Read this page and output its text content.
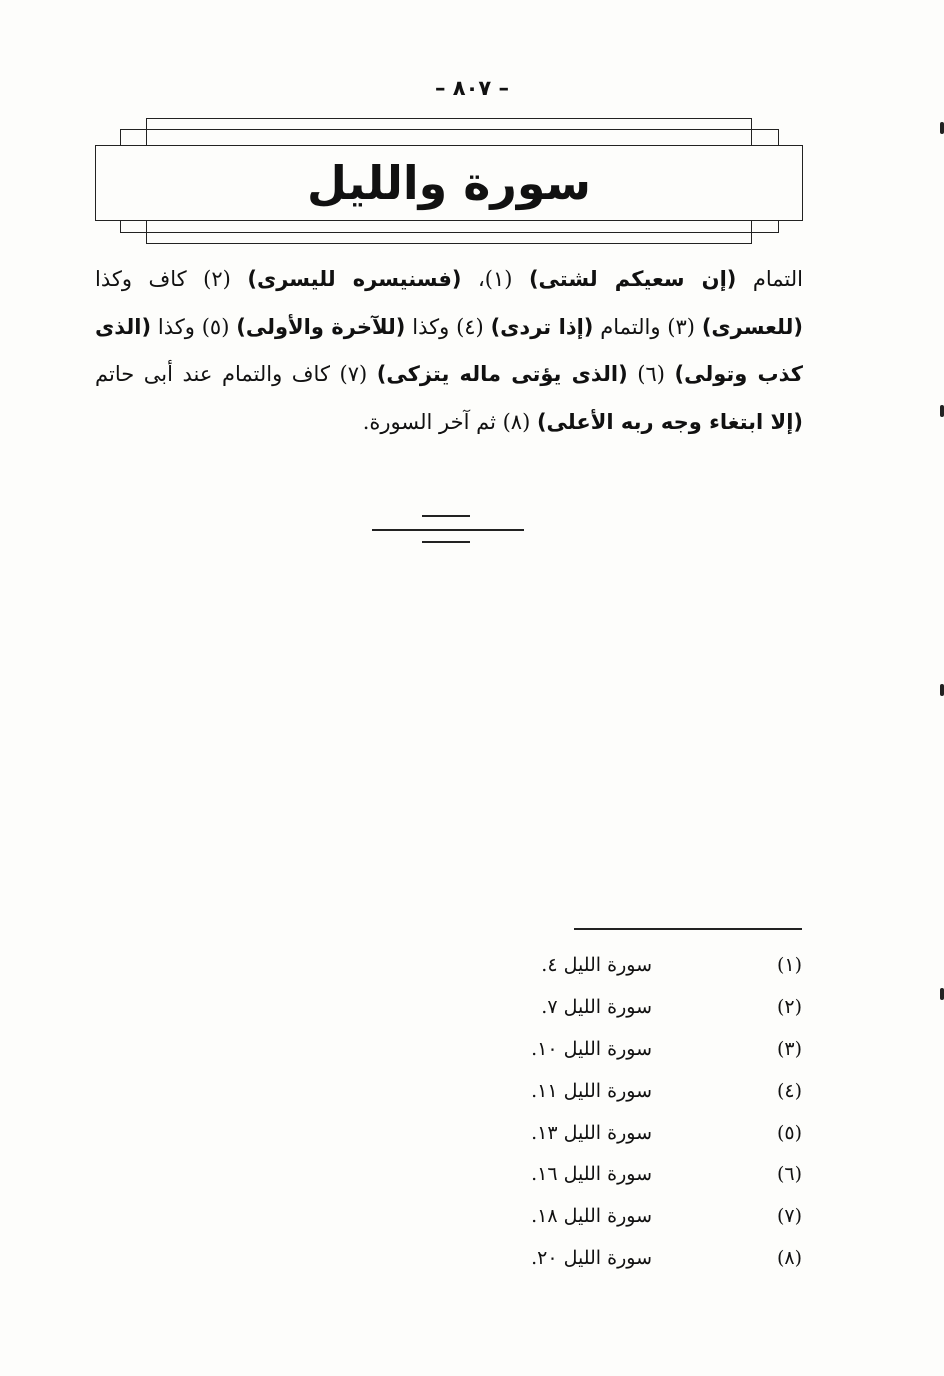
– ٨٠٧ –
سورة والليل
التمام (إن سعيكم لشتى) (١)، (فسنيسره لليسرى) (٢) كاف وكذا (للعسرى) (٣) والتمام (إذا تردى) (٤) وكذا (للآخرة والأولى) (٥) وكذا (الذى كذب وتولى) (٦) (الذى يؤتى ماله يتزكى) (٧) كاف والتمام عند أبى حاتم (إلا ابتغاء وجه ربه الأعلى) (٨) ثم آخر السورة.
(١)
سورة الليل ٤.
(٢)
سورة الليل ٧.
(٣)
سورة الليل ١٠.
(٤)
سورة الليل ١١.
(٥)
سورة الليل ١٣.
(٦)
سورة الليل ١٦.
(٧)
سورة الليل ١٨.
(٨)
سورة الليل ٢٠.
